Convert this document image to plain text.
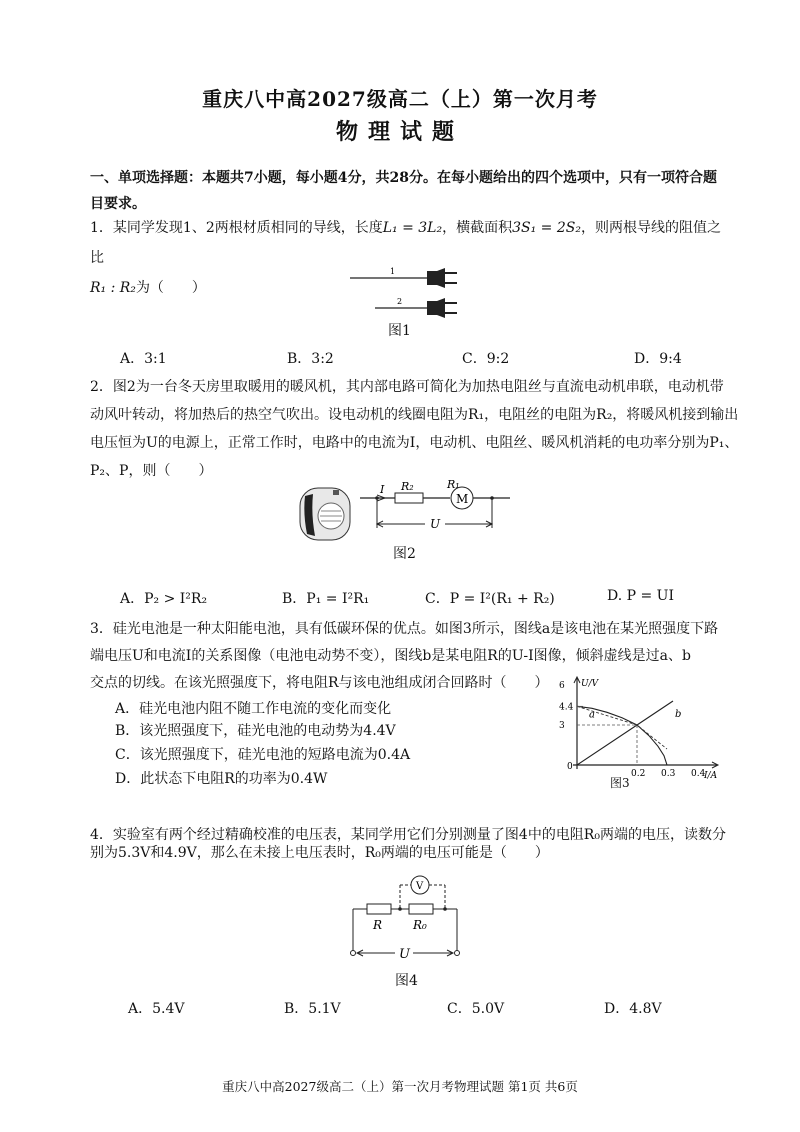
重庆八中高2027级高二（上）第一次月考
物理试题
一、单项选择题：本题共7小题，每小题4分，共28分。在每小题给出的四个选项中，只有一项符合题目要求。
1．某同学发现1、2两根材质相同的导线，长度L₁ = 3L₂，横截面积3S₁ = 2S₂，则两根导线的阻值之比
R₁ : R₂为（　　）
1
2
图1
A．3:1	B．3:2	C．9:2	D．9:4
2．图2为一台冬天房里取暖用的暖风机，其内部电路可简化为加热电阻丝与直流电动机串联，电动机带
动风叶转动，将加热后的热空气吹出。设电动机的线圈电阻为R₁，电阻丝的电阻为R₂，将暖风机接到输出
电压恒为U的电源上，正常工作时，电路中的电流为I，电动机、电阻丝、暖风机消耗的电功率分别为P₁、
P₂、P，则（　　）
I R₂
M
R₁
U
图2
A．P₂ > I²R₂	B．P₁ = I²R₁	C．P = I²(R₁ + R₂)	D. P = UI
3．硅光电池是一种太阳能电池，具有低碳环保的优点。如图3所示，图线a是该电池在某光照强度下路
端电压U和电流I的关系图像（电池电动势不变），图线b是某电阻R的U-I图像，倾斜虚线是过a、b
交点的切线。在该光照强度下，将电阻R与该电池组成闭合回路时（　　）
A．硅光电池内阻不随工作电流的变化而变化
B．该光照强度下，硅光电池的电动势为4.4V
C．该光照强度下，硅光电池的短路电流为0.4A
D．此状态下电阻R的功率为0.4W
U/V
I/A
0
a	b
3
4.4
6
0.2 0.3 0.4
图3
4．实验室有两个经过精确校准的电压表，某同学用它们分别测量了图4中的电阻R₀两端的电压，读数分
别为5.3V和4.9V，那么在未接上电压表时，R₀两端的电压可能是（　　）
V
R	R₀
U
图4
A．5.4V	B．5.1V	C．5.0V	D．4.8V
重庆八中高2027级高二（上）第一次月考物理试题 第1页 共6页
